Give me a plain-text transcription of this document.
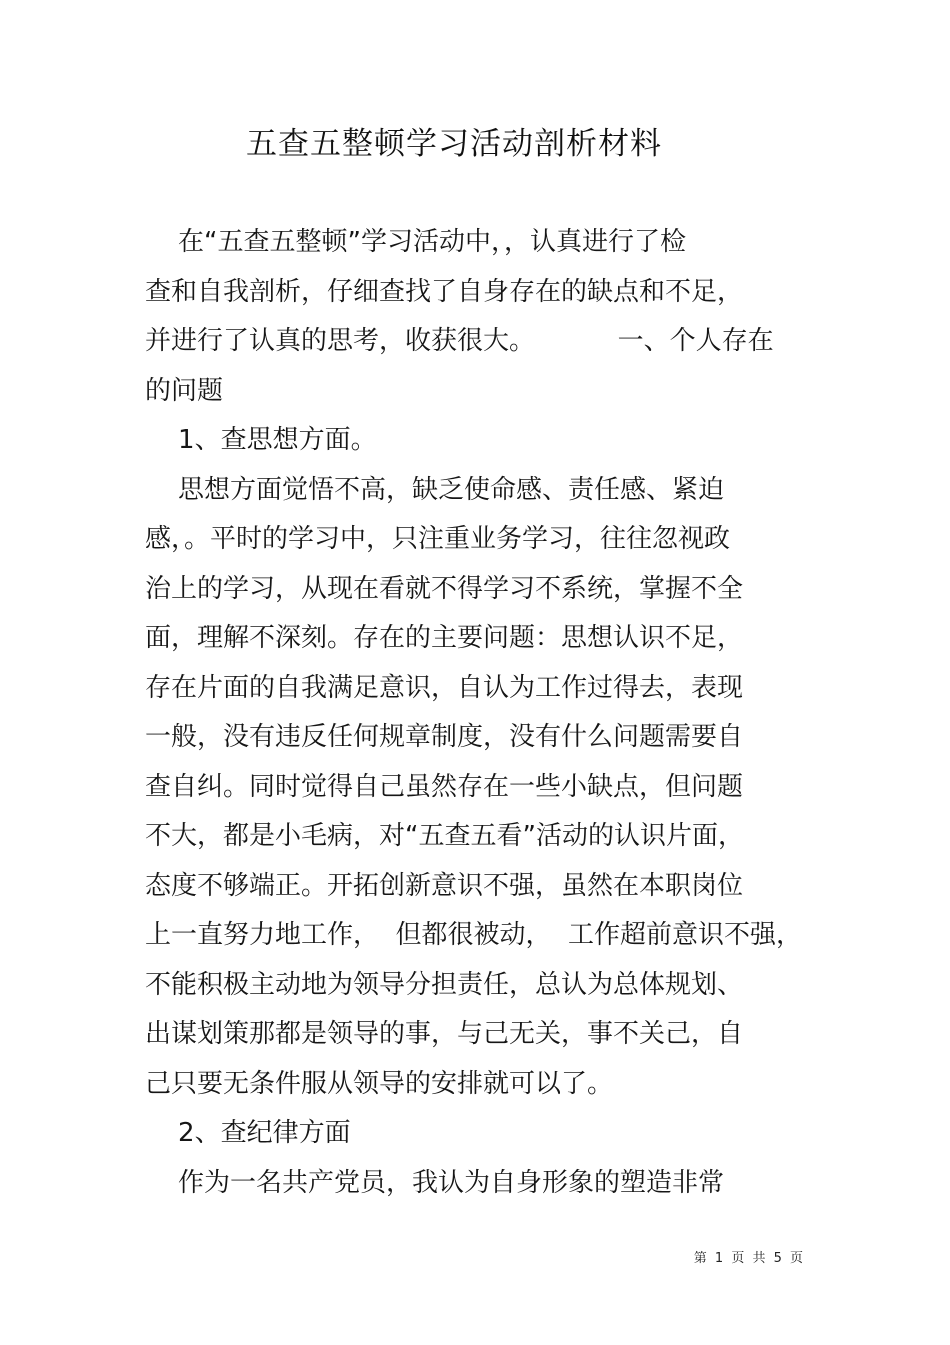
五查五整顿学习活动剖析材料

在“五查五整顿”学习活动中，，认真进行了检

查和自我剖析，仔细查找了自身存在的缺点和不足，

并进行了认真的思考，收获很大。          一、个人存在

的问题

1、查思想方面。

思想方面觉悟不高，缺乏使命感、责任感、紧迫

感，。平时的学习中，只注重业务学习，往往忽视政

治上的学习，从现在看就不得学习不系统，掌握不全

面，理解不深刻。存在的主要问题：思想认识不足，

存在片面的自我满足意识，自认为工作过得去，表现

一般，没有违反任何规章制度，没有什么问题需要自

查自纠。同时觉得自己虽然存在一些小缺点，但问题

不大，都是小毛病，对“五查五看”活动的认识片面，

态度不够端正。开拓创新意识不强，虽然在本职岗位

上一直努力地工作，  但都很被动，  工作超前意识不强，

不能积极主动地为领导分担责任，总认为总体规划、

出谋划策那都是领导的事，与己无关，事不关己，自

己只要无条件服从领导的安排就可以了。

2、查纪律方面

作为一名共产党员，我认为自身形象的塑造非常

第 1 页 共 5 页
